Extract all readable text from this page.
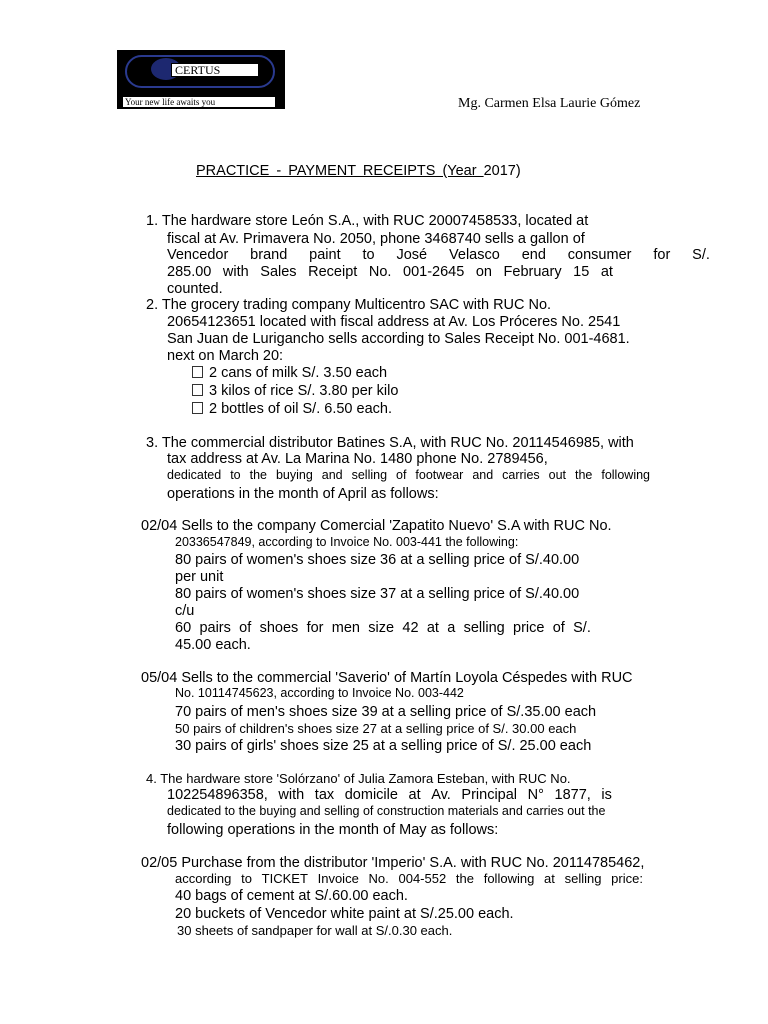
CERTUS
Your new life awaits you	Mg. Carmen Elsa Laurie Gómez
PRACTICE - PAYMENT RECEIPTS (Year 2017)
1. The hardware store León S.A., with RUC 20007458533, located at
fiscal at Av. Primavera No. 2050, phone 3468740 sells a gallon of
Vencedor brand paint to José Velasco end consumer for S/.
285.00 with Sales Receipt No. 001-2645 on February 15 at
counted.
2. The grocery trading company Multicentro SAC with RUC No.
20654123651 located with fiscal address at Av. Los Próceres No. 2541
San Juan de Lurigancho sells according to Sales Receipt No. 001-4681.
next on March 20:
2 cans of milk S/. 3.50 each
3 kilos of rice S/. 3.80 per kilo
2 bottles of oil S/. 6.50 each.
3. The commercial distributor Batines S.A, with RUC No. 20114546985, with
tax address at Av. La Marina No. 1480 phone No. 2789456,
dedicated to the buying and selling of footwear and carries out the following
operations in the month of April as follows:
02/04 Sells to the company Comercial 'Zapatito Nuevo' S.A with RUC No.
20336547849, according to Invoice No. 003-441 the following:
80 pairs of women's shoes size 36 at a selling price of S/.40.00
per unit
80 pairs of women's shoes size 37 at a selling price of S/.40.00
c/u
60 pairs of shoes for men size 42 at a selling price of S/.
45.00 each.
05/04 Sells to the commercial 'Saverio' of Martín Loyola Céspedes with RUC
No. 10114745623, according to Invoice No. 003-442
70 pairs of men's shoes size 39 at a selling price of S/.35.00 each
50 pairs of children's shoes size 27 at a selling price of S/. 30.00 each
30 pairs of girls' shoes size 25 at a selling price of S/. 25.00 each
4. The hardware store 'Solórzano' of Julia Zamora Esteban, with RUC No.
102254896358, with tax domicile at Av. Principal N° 1877, is
dedicated to the buying and selling of construction materials and carries out the
following operations in the month of May as follows:
02/05 Purchase from the distributor 'Imperio' S.A. with RUC No. 20114785462,
according to TICKET Invoice No. 004-552 the following at selling price:
40 bags of cement at S/.60.00 each.
20 buckets of Vencedor white paint at S/.25.00 each.
30 sheets of sandpaper for wall at S/.0.30 each.
